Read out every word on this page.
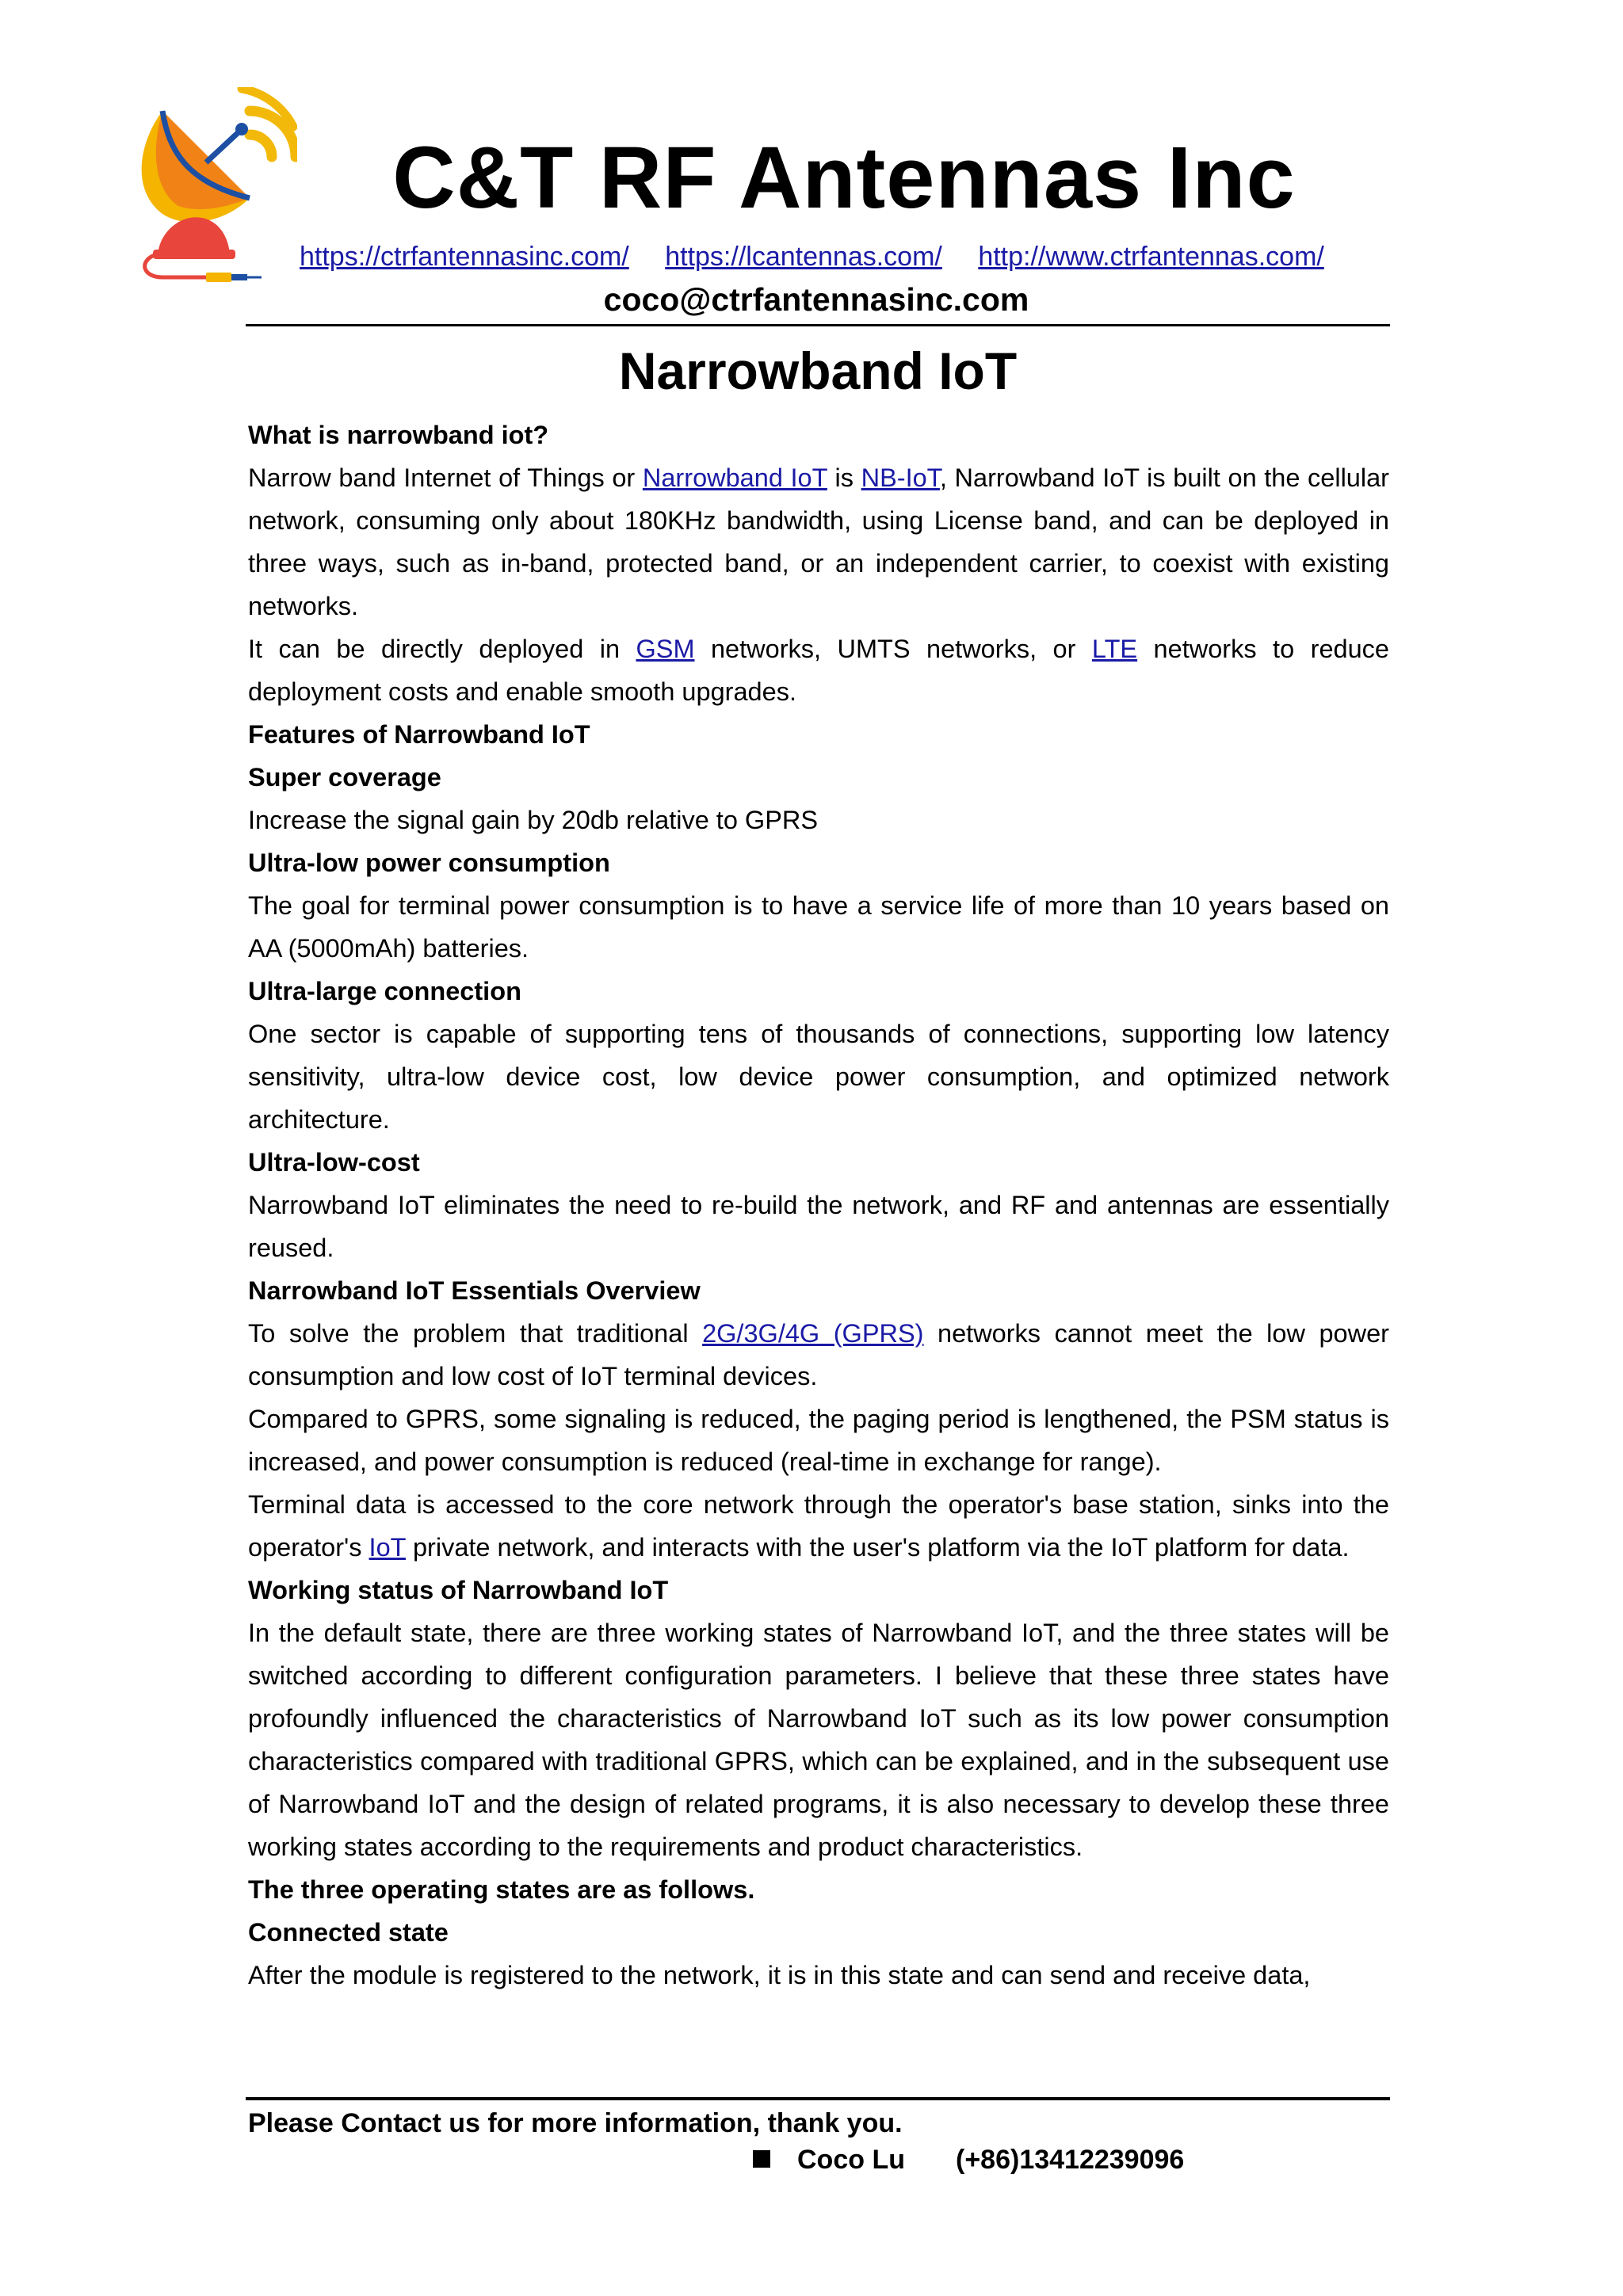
C&T RF Antennas Inc
https://ctrfantennasinc.com/ https://lcantennas.com/ http://www.ctrfantennas.com/
coco@ctrfantennasinc.com
Narrowband IoT

What is narrowband iot?

Narrow band Internet of Things or Narrowband IoT is NB-IoT, Narrowband IoT is built on the cellular network, consuming only about 180KHz bandwidth, using License band, and can be deployed in three ways, such as in-band, protected band, or an independent carrier, to coexist with existing networks.

It can be directly deployed in GSM networks, UMTS networks, or LTE networks to reduce deployment costs and enable smooth upgrades.

Features of Narrowband IoT

Super coverage

Increase the signal gain by 20db relative to GPRS

Ultra-low power consumption

The goal for terminal power consumption is to have a service life of more than 10 years based on AA (5000mAh) batteries.

Ultra-large connection

One sector is capable of supporting tens of thousands of connections, supporting low latency sensitivity, ultra-low device cost, low device power consumption, and optimized network architecture.

Ultra-low-cost

Narrowband IoT eliminates the need to re-build the network, and RF and antennas are essentially reused.

Narrowband IoT Essentials Overview

To solve the problem that traditional 2G/3G/4G (GPRS) networks cannot meet the low power consumption and low cost of IoT terminal devices.

Compared to GPRS, some signaling is reduced, the paging period is lengthened, the PSM status is increased, and power consumption is reduced (real-time in exchange for range).

Terminal data is accessed to the core network through the operator's base station, sinks into the operator's IoT private network, and interacts with the user's platform via the IoT platform for data.

Working status of Narrowband IoT

In the default state, there are three working states of Narrowband IoT, and the three states will be switched according to different configuration parameters. I believe that these three states have profoundly influenced the characteristics of Narrowband IoT such as its low power consumption characteristics compared with traditional GPRS, which can be explained, and in the subsequent use of Narrowband IoT and the design of related programs, it is also necessary to develop these three working states according to the requirements and product characteristics.

The three operating states are as follows.

Connected state

After the module is registered to the network, it is in this state and can send and receive data,

Please Contact us for more information, thank you.
Coco Lu (+86)13412239096
